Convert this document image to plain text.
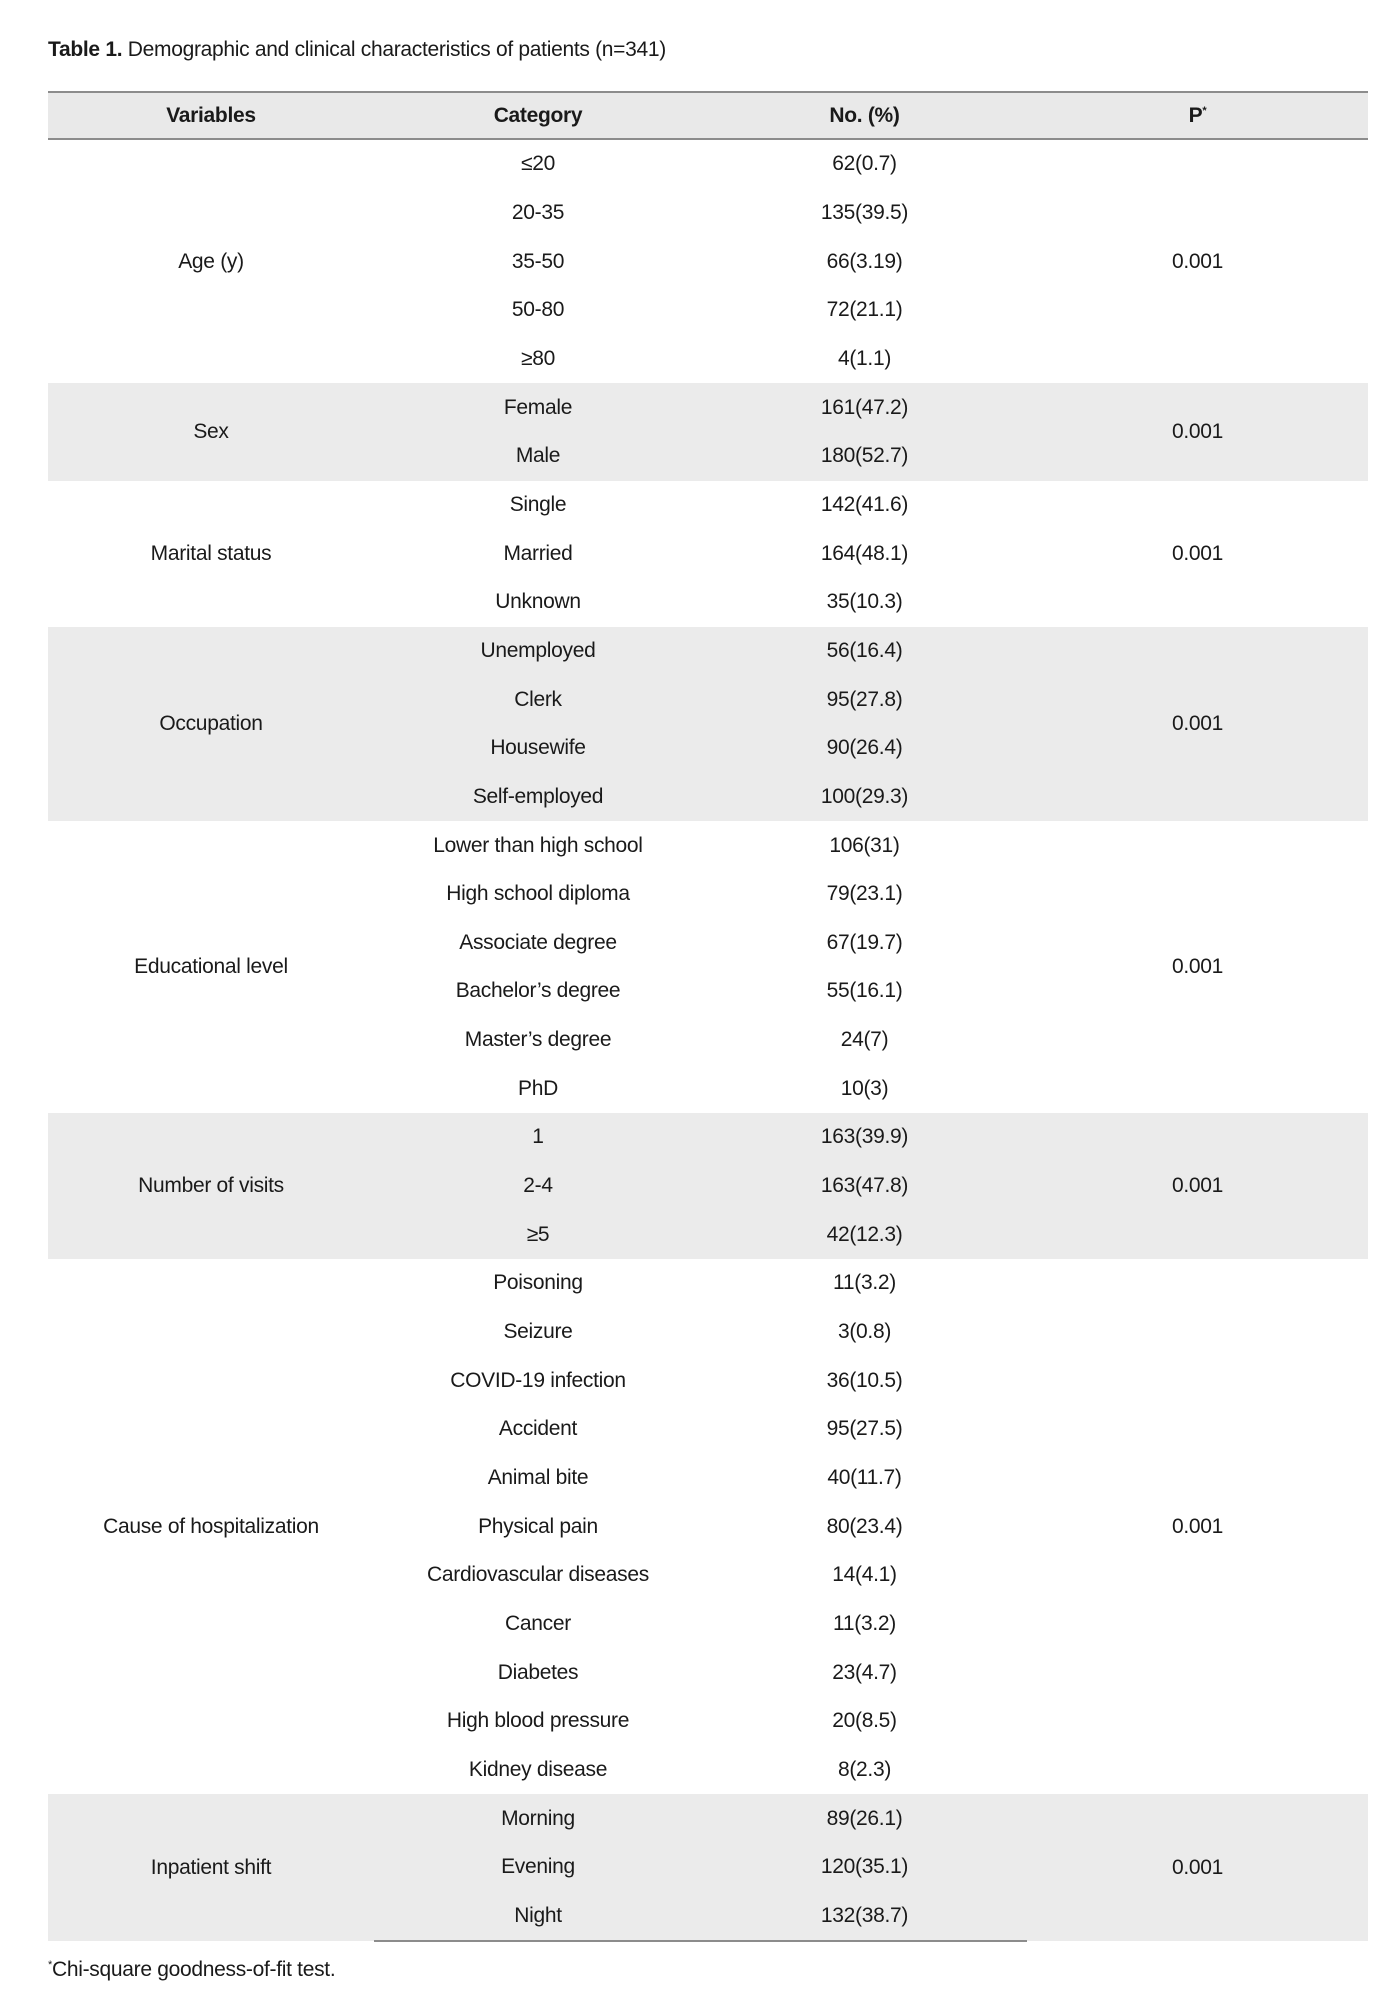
Table 1. Demographic and clinical characteristics of patients (n=341)
Variables	Category	No. (%)	P*
Age (y)	≤20	62(0.7)	0.001
	20-35	135(39.5)	
	35-50	66(3.19)	
	50-80	72(21.1)	
	≥80	4(1.1)	
Sex	Female	161(47.2)	0.001
	Male	180(52.7)	
Marital status	Single	142(41.6)	0.001
	Married	164(48.1)	
	Unknown	35(10.3)	
Occupation	Unemployed	56(16.4)	0.001
	Clerk	95(27.8)	
	Housewife	90(26.4)	
	Self-employed	100(29.3)	
Educational level	Lower than high school	106(31)	0.001
	High school diploma	79(23.1)	
	Associate degree	67(19.7)	
	Bachelor’s degree	55(16.1)	
	Master’s degree	24(7)	
	PhD	10(3)	
Number of visits	1	163(39.9)	0.001
	2-4	163(47.8)	
	≥5	42(12.3)	
Cause of hospitalization	Poisoning	11(3.2)	0.001
	Seizure	3(0.8)	
	COVID-19 infection	36(10.5)	
	Accident	95(27.5)	
	Animal bite	40(11.7)	
	Physical pain	80(23.4)	
	Cardiovascular diseases	14(4.1)	
	Cancer	11(3.2)	
	Diabetes	23(4.7)	
	High blood pressure	20(8.5)	
	Kidney disease	8(2.3)	
Inpatient shift	Morning	89(26.1)	0.001
	Evening	120(35.1)	
	Night	132(38.7)	
*Chi-square goodness-of-fit test.
